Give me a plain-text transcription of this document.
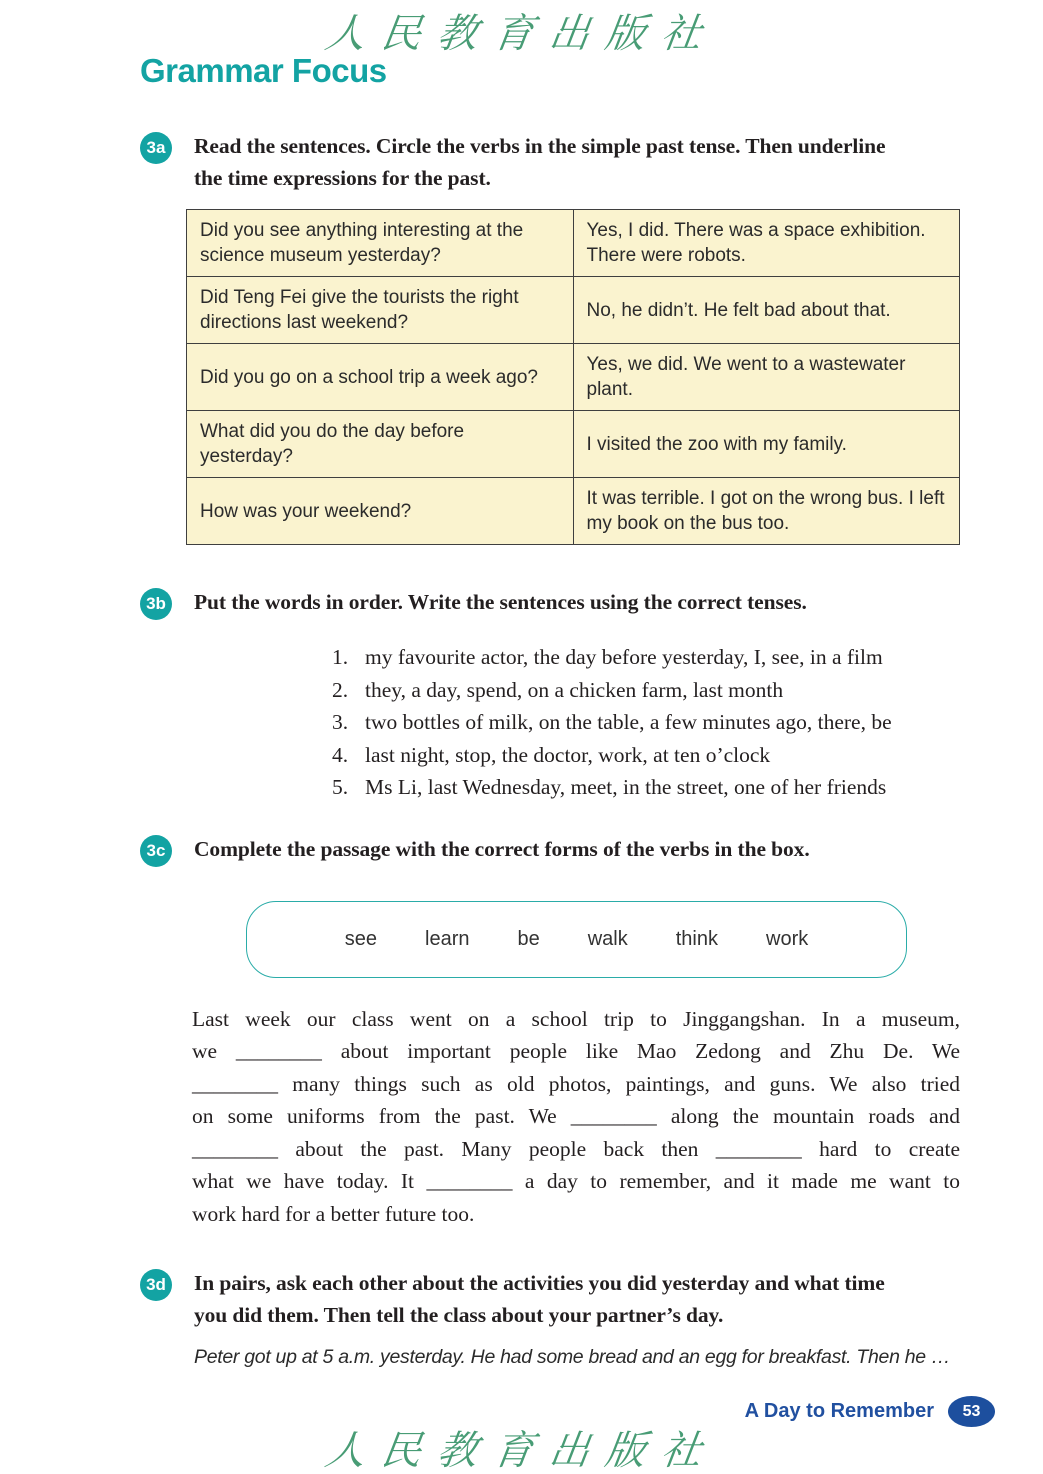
人民教育出版社
Grammar Focus
3a	Read the sentences. Circle the verbs in the simple past tense. Then underline
the time expressions for the past.
Did you see anything interesting at the science museum yesterday?	Yes, I did. There was a space exhibition. There were robots.
Did Teng Fei give the tourists the right directions last weekend?	No, he didn’t. He felt bad about that.
Did you go on a school trip a week ago?	Yes, we did. We went to a wastewater plant.
What did you do the day before yesterday?	I visited the zoo with my family.
How was your weekend?	It was terrible. I got on the wrong bus. I left my book on the bus too.
3b Put the words in order. Write the sentences using the correct tenses.
1. my favourite actor, the day before yesterday, I, see, in a film
2. they, a day, spend, on a chicken farm, last month
3. two bottles of milk, on the table, a few minutes ago, there, be
4. last night, stop, the doctor, work, at ten o’clock
5. Ms Li, last Wednesday, meet, in the street, one of her friends
3c	Complete the passage with the correct forms of the verbs in the box.
see learn be walk think work
Last week our class went on a school trip to Jinggangshan. In a museum,
we ________ about important people like Mao Zedong and Zhu De. We
________ many things such as old photos, paintings, and guns. We also tried
on some uniforms from the past. We ________ along the mountain roads and
________ about the past. Many people back then ________ hard to create
what we have today. It ________ a day to remember, and it made me want to
work hard for a better future too.
3d In pairs, ask each other about the activities you did yesterday and what time
you did them. Then tell the class about your partner’s day.
Peter got up at 5 a.m. yesterday. He had some bread and an egg for breakfast. Then he …
A Day to Remember	53
人民教育出版社
